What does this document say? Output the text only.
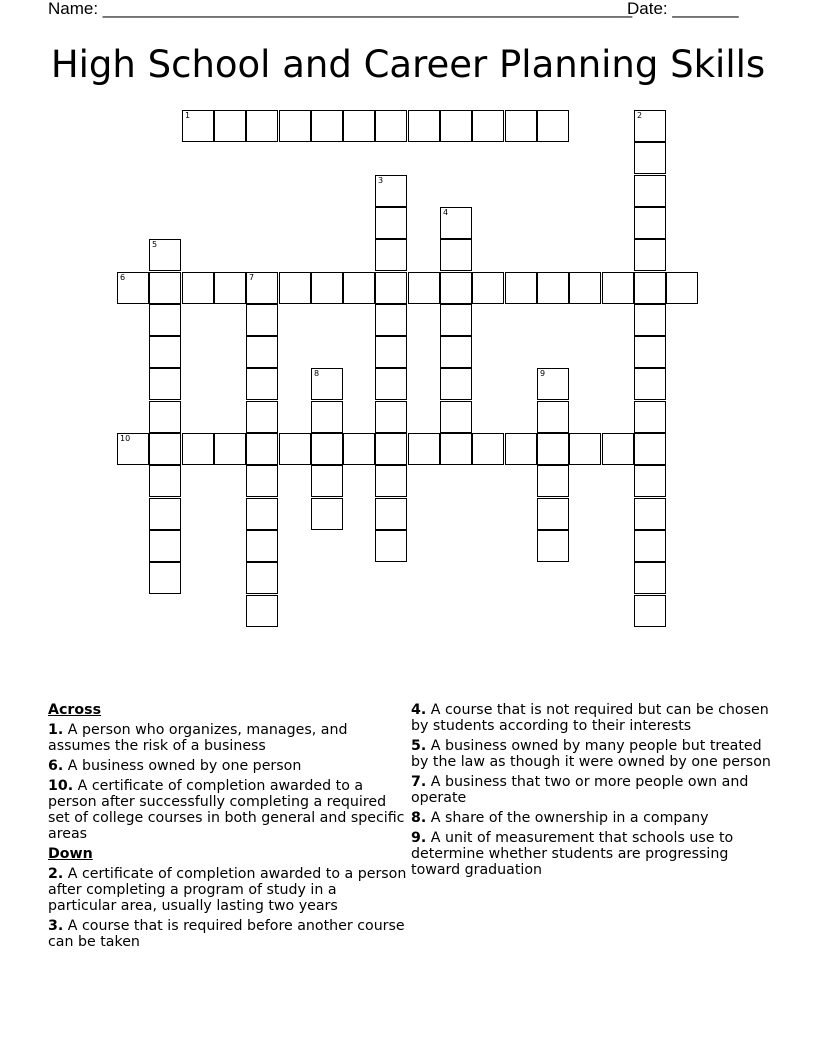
Name: ________________________________________________________
Date: _______
High School and Career Planning Skills
1	2
3
4
5
6	7
8	9
10
Across
1. A person who organizes, manages, and assumes the risk of a business
6. A business owned by one person
10. A certificate of completion awarded to a person after successfully completing a required set of college courses in both general and specific areas
Down
2. A certificate of completion awarded to a person after completing a program of study in a particular area, usually lasting two years
3. A course that is required before another course can be taken
4. A course that is not required but can be chosen by students according to their interests
5. A business owned by many people but treated by the law as though it were owned by one person
7. A business that two or more people own and operate
8. A share of the ownership in a company
9. A unit of measurement that schools use to determine whether students are progressing toward graduation
